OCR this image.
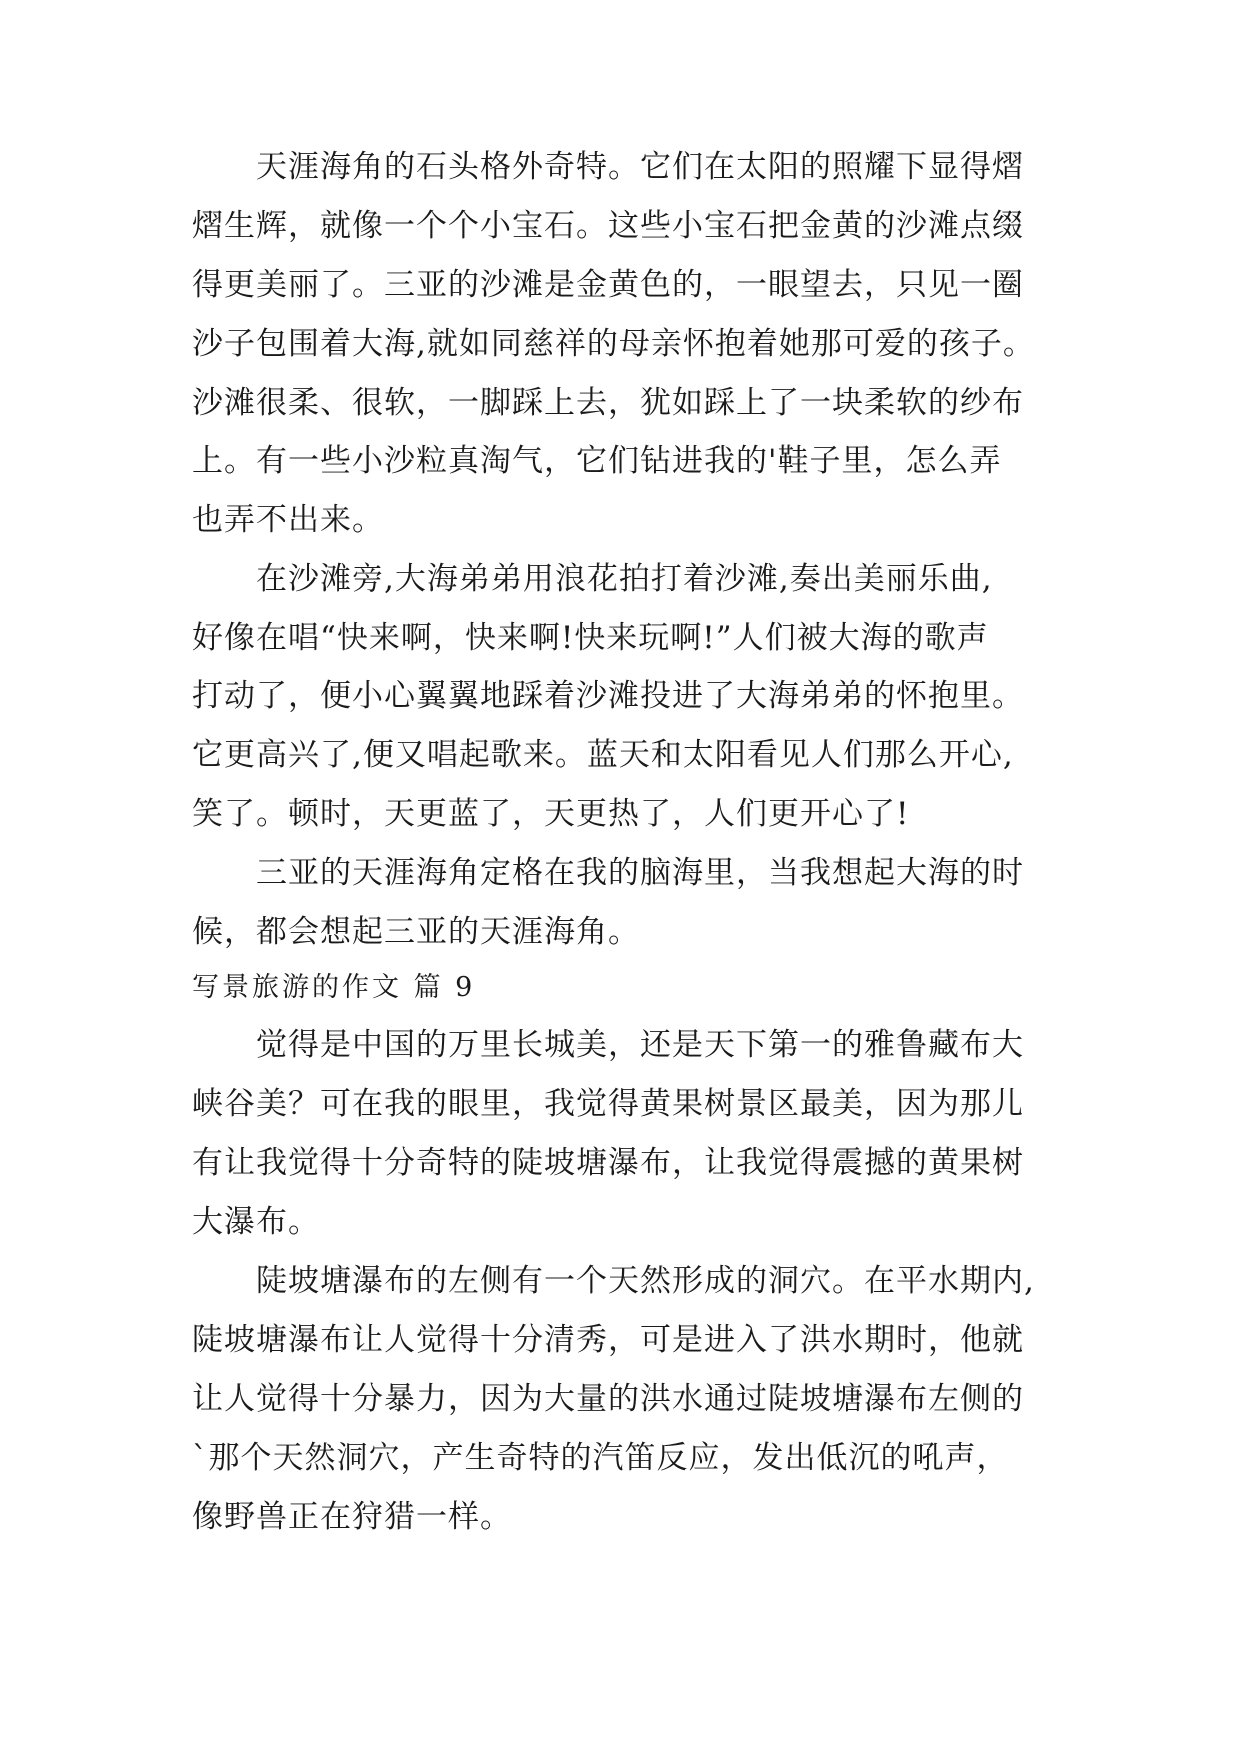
天涯海角的石头格外奇特。它们在太阳的照耀下显得熠

熠生辉，就像一个个小宝石。这些小宝石把金黄的沙滩点缀

得更美丽了。三亚的沙滩是金黄色的，一眼望去，只见一圈

沙子包围着大海,就如同慈祥的母亲怀抱着她那可爱的孩子。

沙滩很柔、很软，一脚踩上去，犹如踩上了一块柔软的纱布

上。有一些小沙粒真淘气，它们钻进我的'鞋子里，怎么弄

也弄不出来。

在沙滩旁,大海弟弟用浪花拍打着沙滩,奏出美丽乐曲,

好像在唱“快来啊，快来啊!快来玩啊!”人们被大海的歌声

打动了，便小心翼翼地踩着沙滩投进了大海弟弟的怀抱里。

它更高兴了,便又唱起歌来。蓝天和太阳看见人们那么开心,

笑了。顿时，天更蓝了，天更热了，人们更开心了!

三亚的天涯海角定格在我的脑海里，当我想起大海的时

候，都会想起三亚的天涯海角。

写景旅游的作文 篇 9

觉得是中国的万里长城美，还是天下第一的雅鲁藏布大

峡谷美？可在我的眼里，我觉得黄果树景区最美，因为那儿

有让我觉得十分奇特的陡坡塘瀑布，让我觉得震撼的黄果树

大瀑布。

陡坡塘瀑布的左侧有一个天然形成的洞穴。在平水期内,

陡坡塘瀑布让人觉得十分清秀，可是进入了洪水期时，他就

让人觉得十分暴力，因为大量的洪水通过陡坡塘瀑布左侧的

`那个天然洞穴，产生奇特的汽笛反应，发出低沉的吼声，

像野兽正在狩猎一样。
